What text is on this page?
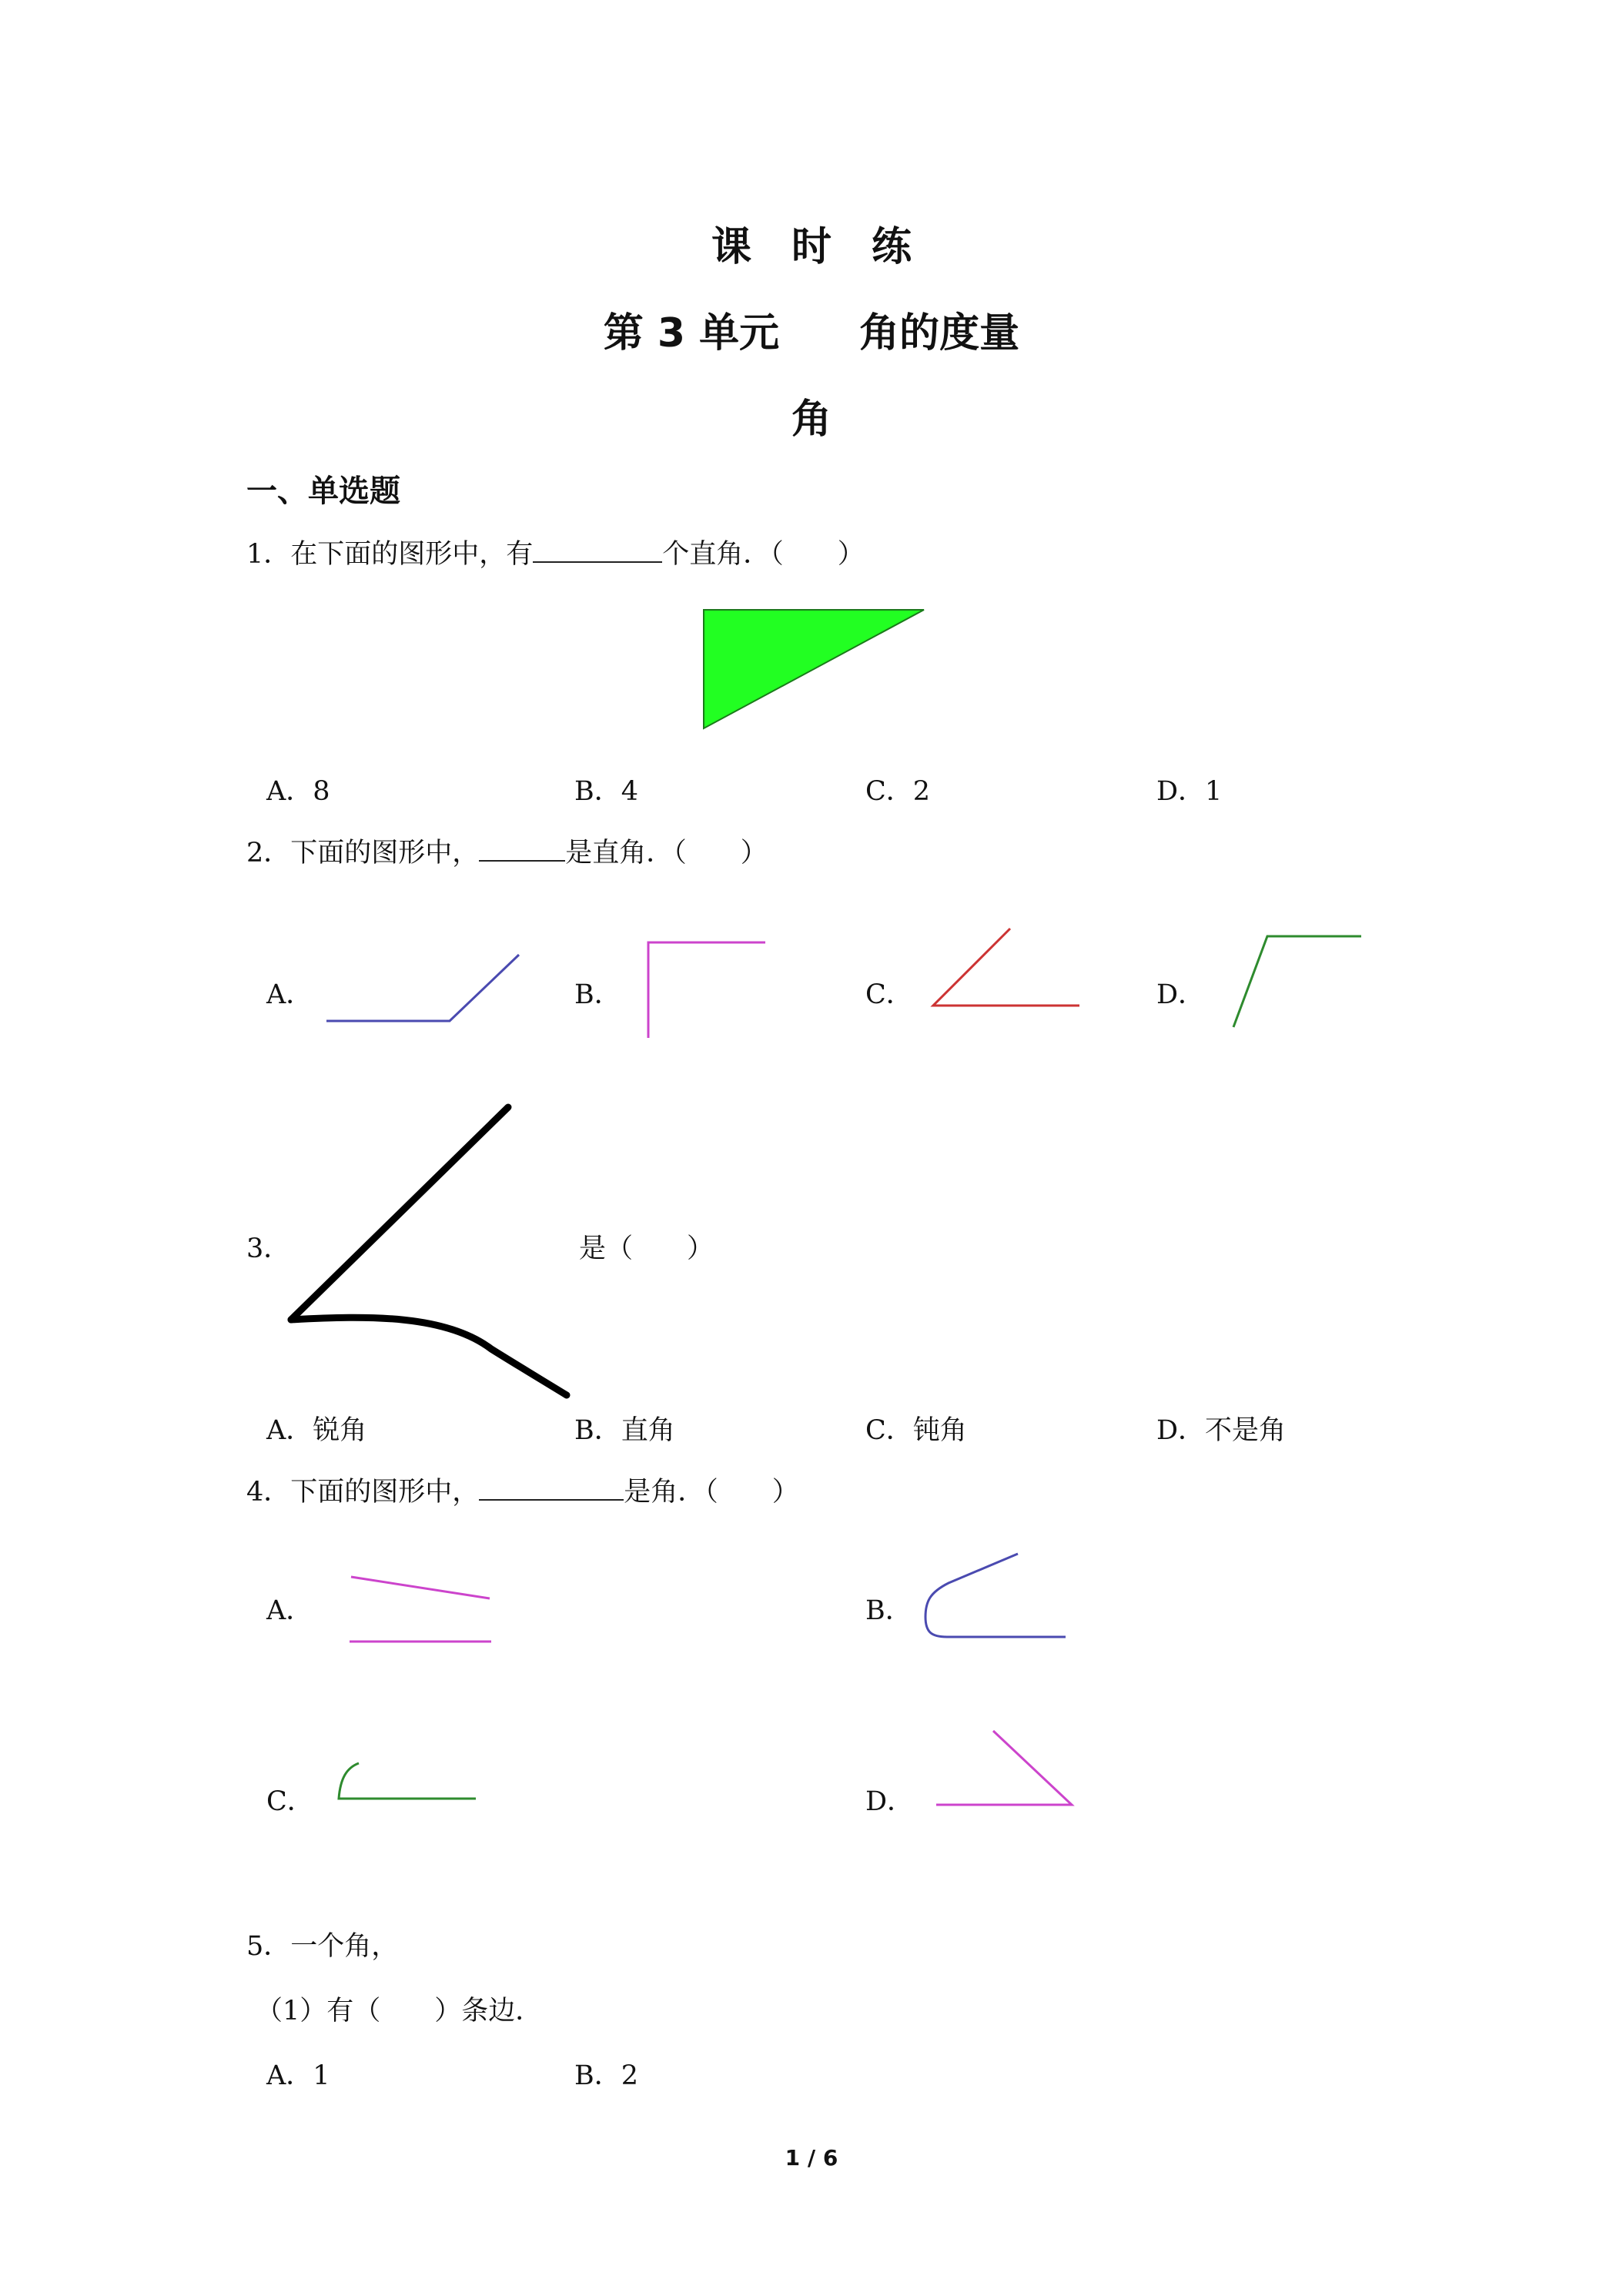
课　时　练
第 3 单元　　角的度量
角
一、单选题
1．在下面的图形中，有	个直角．（　　）
A．8	B．4	C．2	D．1
2．下面的图形中，	是直角．（　　）
A．	B．	C．	D．
3．	是（　　）
A．锐角	B．直角	C．钝角	D．不是角
4．下面的图形中，	是角．（　　）
A．	B．
C．	D．
5．一个角，
（1）有（　　）条边．
A．1	B．2
1 / 6
